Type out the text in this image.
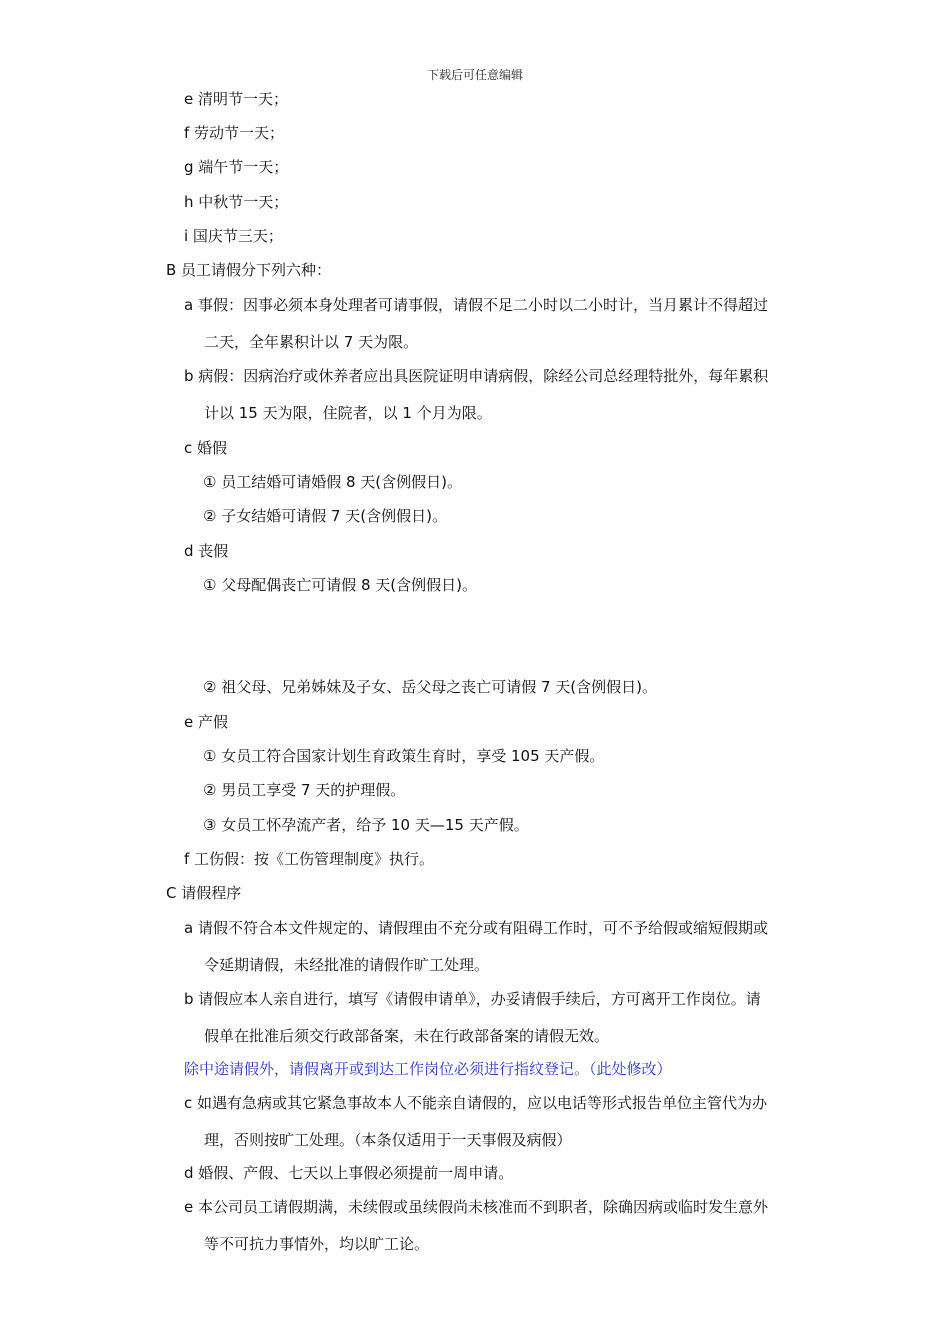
下载后可任意编辑
e 清明节一天；
f 劳动节一天；
g 端午节一天；
h 中秋节一天；
i 国庆节三天；
B 员工请假分下列六种：
a 事假：因事必须本身处理者可请事假，请假不足二小时以二小时计，当月累计不得超过
二天，全年累积计以 7 天为限。
b 病假：因病治疗或休养者应出具医院证明申请病假，除经公司总经理特批外，每年累积
计以 15 天为限，住院者，以 1 个月为限。
c 婚假
① 员工结婚可请婚假 8 天(含例假日)。
② 子女结婚可请假 7 天(含例假日)。
d 丧假
① 父母配偶丧亡可请假 8 天(含例假日)。
② 祖父母、兄弟姊妹及子女、岳父母之丧亡可请假 7 天(含例假日)。
e 产假
① 女员工符合国家计划生育政策生育时，享受 105 天产假。
② 男员工享受 7 天的护理假。
③ 女员工怀孕流产者，给予 10 天—15 天产假。
f 工伤假：按《工伤管理制度》执行。
C 请假程序
a 请假不符合本文件规定的、请假理由不充分或有阻碍工作时，可不予给假或缩短假期或
令延期请假，未经批准的请假作旷工处理。
b 请假应本人亲自进行，填写《请假申请单》，办妥请假手续后，方可离开工作岗位。请
假单在批准后须交行政部备案，未在行政部备案的请假无效。
除中途请假外，请假离开或到达工作岗位必须进行指纹登记。（此处修改）
c 如遇有急病或其它紧急事故本人不能亲自请假的，应以电话等形式报告单位主管代为办
理，否则按旷工处理。（本条仅适用于一天事假及病假）
d 婚假、产假、七天以上事假必须提前一周申请。
e 本公司员工请假期满，未续假或虽续假尚未核准而不到职者，除确因病或临时发生意外
等不可抗力事情外，均以旷工论。
